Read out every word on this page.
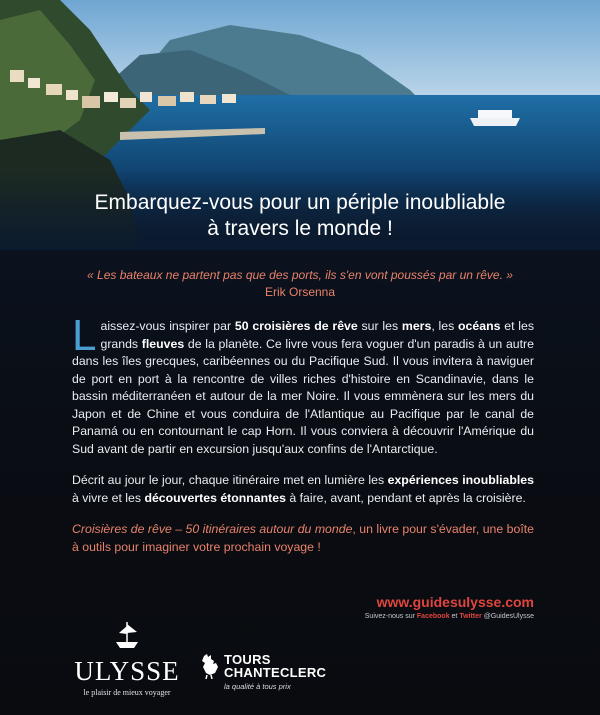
Embarquez-vous pour un périple inoubliable
à travers le monde !
« Les bateaux ne partent pas que des ports, ils s'en vont poussés par un rêve. »
Erik Orsenna

Laissez-vous inspirer par 50 croisières de rêve sur les mers, les océans et les grands fleuves de la planète. Ce livre vous fera voguer d'un paradis à un autre dans les îles grecques, caribéennes ou du Pacifique Sud. Il vous invitera à naviguer de port en port à la rencontre de villes riches d'histoire en Scandinavie, dans le bassin méditerranéen et autour de la mer Noire. Il vous emmènera sur les mers du Japon et de Chine et vous conduira de l'Atlantique au Pacifique par le canal de Panamá ou en contournant le cap Horn. Il vous conviera à découvrir l'Amérique du Sud avant de partir en excursion jusqu'aux confins de l'Antarctique.

Décrit au jour le jour, chaque itinéraire met en lumière les expériences inoubliables à vivre et les découvertes étonnantes à faire, avant, pendant et après la croisière.

Croisières de rêve – 50 itinéraires autour du monde, un livre pour s'évader, une boîte à outils pour imaginer votre prochain voyage !

www.guidesulysse.com
Suivez-nous sur Facebook et Twitter @GuidesUlysse
ULYSSE
le plaisir de mieux voyager
TOURS
CHANTECLERC
la qualité à tous prix
